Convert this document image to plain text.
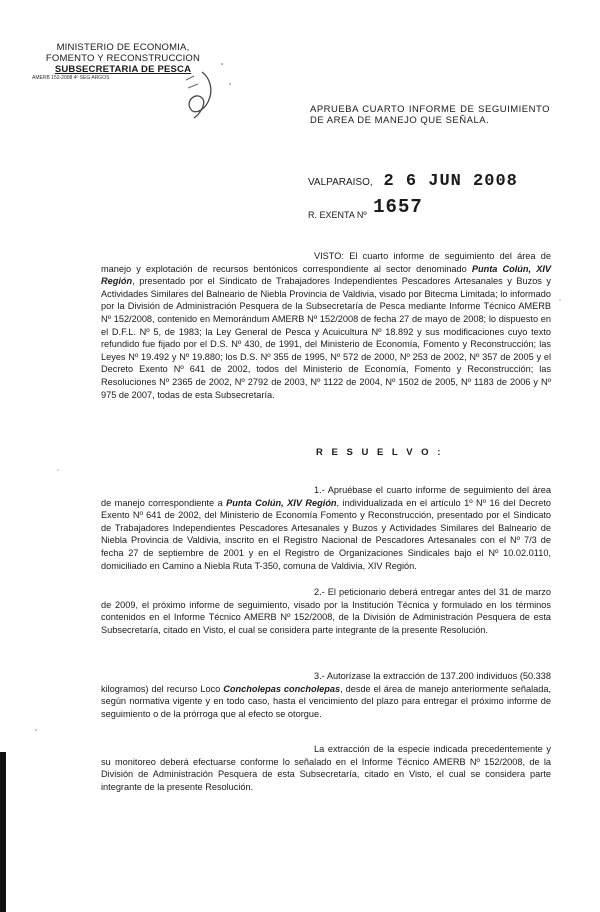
MINISTERIO DE ECONOMIA,
FOMENTO Y RECONSTRUCCION
SUBSECRETARIA DE PESCA
AMERB 152-2008 4º SEG ARGOS
APRUEBA CUARTO INFORME DE SEGUIMIENTO DE AREA DE MANEJO QUE SEÑALA.
VALPARAISO, 2 6 JUN 2008
R. EXENTA Nº 1657
VISTO: El cuarto informe de seguimiento del área de manejo y explotación de recursos bentónicos correspondiente al sector denominado Punta Colún, XIV Región, presentado por el Sindicato de Trabajadores Independientes Pescadores Artesanales y Buzos y Actividades Similares del Balneario de Niebla Provincia de Valdivia, visado por Bitecma Limitada; lo informado por la División de Administración Pesquera de la Subsecretaría de Pesca mediante Informe Técnico AMERB Nº 152/2008, contenido en Memorándum AMERB Nº 152/2008 de fecha 27 de mayo de 2008; lo dispuesto en el D.F.L. Nº 5, de 1983; la Ley General de Pesca y Acuicultura Nº 18.892 y sus modificaciones cuyo texto refundido fue fijado por el D.S. Nº 430, de 1991, del Ministerio de Economía, Fomento y Reconstrucción; las Leyes Nº 19.492 y Nº 19.880; los D.S. Nº 355 de 1995, Nº 572 de 2000, Nº 253 de 2002, Nº 357 de 2005 y el Decreto Exento Nº 641 de 2002, todos del Ministerio de Economía, Fomento y Reconstrucción; las Resoluciones Nº 2365 de 2002, Nº 2792 de 2003, Nº 1122 de 2004, Nº 1502 de 2005, Nº 1183 de 2006 y Nº 975 de 2007, todas de esta Subsecretaría.
R E S U E L V O :
1.- Apruébase el cuarto informe de seguimiento del área de manejo correspondiente a Punta Colún, XIV Región, individualizada en el artículo 1º Nº 16 del Decreto Exento Nº 641 de 2002, del Ministerio de Economía Fomento y Reconstrucción, presentado por el Sindicato de Trabajadores Independientes Pescadores Artesanales y Buzos y Actividades Similares del Balneario de Niebla Provincia de Valdivia, inscrito en el Registro Nacional de Pescadores Artesanales con el Nº 7/3 de fecha 27 de septiembre de 2001 y en el Registro de Organizaciones Sindicales bajo el Nº 10.02.0110, domiciliado en Camino a Niebla Ruta T-350, comuna de Valdivia, XIV Región.
2.- El peticionario deberá entregar antes del 31 de marzo de 2009, el próximo informe de seguimiento, visado por la Institución Técnica y formulado en los términos contenidos en el Informe Técnico AMERB Nº 152/2008, de la División de Administración Pesquera de esta Subsecretaría, citado en Visto, el cual se considera parte integrante de la presente Resolución.
3.- Autorízase la extracción de 137.200 individuos (50.338 kilogramos) del recurso Loco Concholepas concholepas, desde el área de manejo anteriormente señalada, según normativa vigente y en todo caso, hasta el vencimiento del plazo para entregar el próximo informe de seguimiento o de la prórroga que al efecto se otorgue.
La extracción de la especie indicada precedentemente y su monitoreo deberá efectuarse conforme lo señalado en el Informe Técnico AMERB Nº 152/2008, de la División de Administración Pesquera de esta Subsecretaría, citado en Visto, el cual se considera parte integrante de la presente Resolución.
